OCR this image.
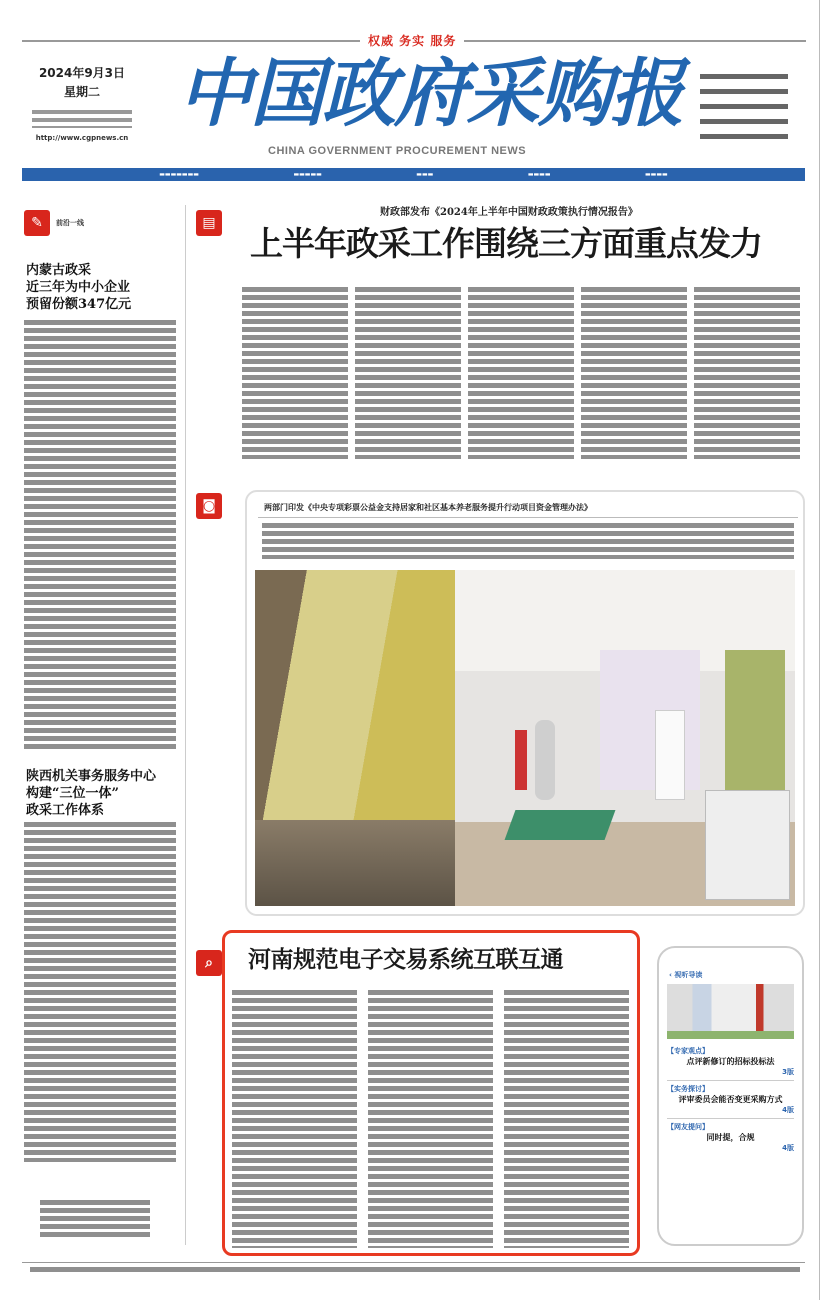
权威 务实 服务
2024年9月3日
星期二
http://www.cgpnews.cn
中国政府采购报
CHINA GOVERNMENT PROCUREMENT NEWS
▬▬▬▬▬▬▬	▬▬▬▬▬	▬▬▬	▬▬▬▬	▬▬▬▬
✎	前沿一线
内蒙古政采
近三年为中小企业
预留份额347亿元
陕西机关事务服务中心
构建“三位一体”
政采工作体系
▤
◙
⌕
财政部发布《2024年上半年中国财政政策执行情况报告》
上半年政采工作围绕三方面重点发力
两部门印发《中央专项彩票公益金支持居家和社区基本养老服务提升行动项目资金管理办法》
河南规范电子交易系统互联互通
‹ 视听导读
【专家观点】
点评新修订的招标投标法
3版
【实务探讨】
评审委员会能否变更采购方式
4版
【网友提问】
同时提，合规
4版
